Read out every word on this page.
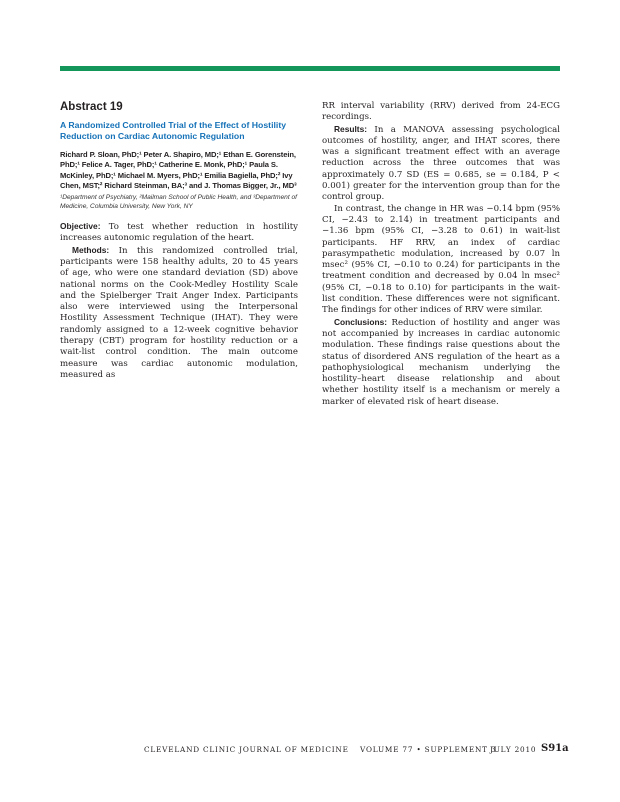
Abstract 19
A Randomized Controlled Trial of the Effect of Hostility Reduction on Cardiac Autonomic Regulation
Richard P. Sloan, PhD;¹ Peter A. Shapiro, MD;¹ Ethan E. Gorenstein, PhD;¹ Felice A. Tager, PhD;¹ Catherine E. Monk, PhD;¹ Paula S. McKinley, PhD;¹ Michael M. Myers, PhD;¹ Emilia Bagiella, PhD;² Ivy Chen, MST;² Richard Steinman, BA;³ and J. Thomas Bigger, Jr., MD³
¹Department of Psychiatry, ²Mailman School of Public Health, and ³Department of Medicine, Columbia University, New York, NY

Objective: To test whether reduction in hostility increases autonomic regulation of the heart.

Methods: In this randomized controlled trial, participants were 158 healthy adults, 20 to 45 years of age, who were one standard deviation (SD) above national norms on the Cook-Medley Hostility Scale and the Spielberger Trait Anger Index. Participants also were interviewed using the Interpersonal Hostility Assessment Technique (IHAT). They were randomly assigned to a 12-week cognitive behavior therapy (CBT) program for hostility reduction or a wait-list control condition. The main outcome measure was cardiac autonomic modulation, measured as

RR interval variability (RRV) derived from 24-ECG recordings.

Results: In a MANOVA assessing psychological outcomes of hostility, anger, and IHAT scores, there was a significant treatment effect with an average reduction across the three outcomes that was approximately 0.7 SD (ES = 0.685, se = 0.184, P < 0.001) greater for the intervention group than for the control group.

In contrast, the change in HR was −0.14 bpm (95% CI, −2.43 to 2.14) in treatment participants and −1.36 bpm (95% CI, −3.28 to 0.61) in wait-list participants. HF RRV, an index of cardiac parasympathetic modulation, increased by 0.07 ln msec² (95% CI, −0.10 to 0.24) for participants in the treatment condition and decreased by 0.04 ln msec² (95% CI, −0.18 to 0.10) for participants in the wait-list condition. These differences were not significant. The findings for other indices of RRV were similar.

Conclusions: Reduction of hostility and anger was not accompanied by increases in cardiac autonomic modulation. These findings raise questions about the status of disordered ANS regulation of the heart as a pathophysiological mechanism underlying the hostility–heart disease relationship and about whether hostility itself is a mechanism or merely a marker of elevated risk of heart disease.

CLEVELAND CLINIC JOURNAL OF MEDICINE VOLUME 77 • SUPPLEMENT 3
JULY 2010 S91a
